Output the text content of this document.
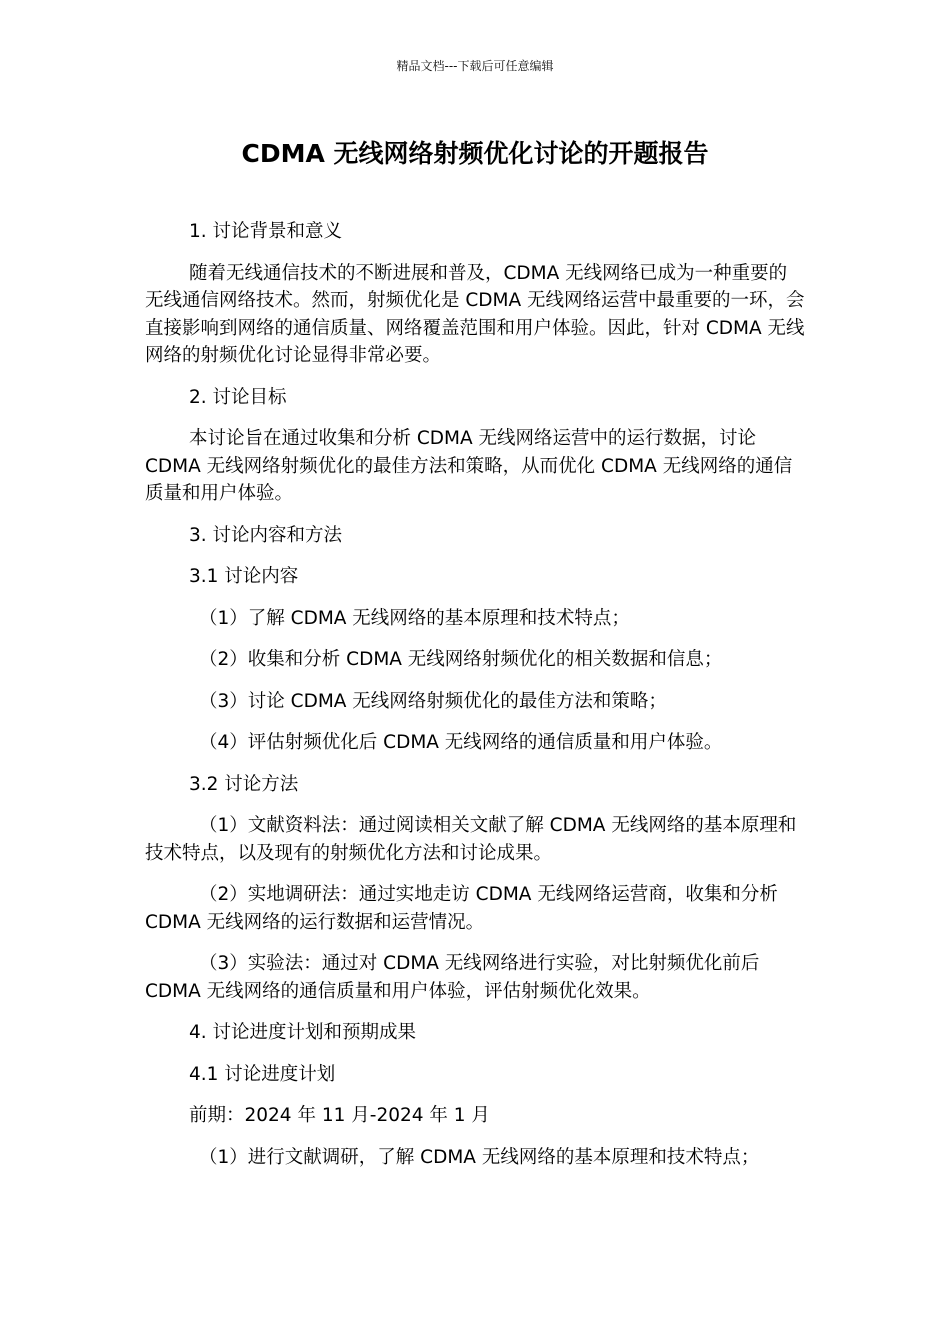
精品文档---下载后可任意编辑
CDMA 无线网络射频优化讨论的开题报告

1. 讨论背景和意义

随着无线通信技术的不断进展和普及，CDMA 无线网络已成为一种重要的无线通信网络技术。然而，射频优化是 CDMA 无线网络运营中最重要的一环，会直接影响到网络的通信质量、网络覆盖范围和用户体验。因此，针对 CDMA 无线网络的射频优化讨论显得非常必要。

2. 讨论目标

本讨论旨在通过收集和分析 CDMA 无线网络运营中的运行数据，讨论 CDMA 无线网络射频优化的最佳方法和策略，从而优化 CDMA 无线网络的通信质量和用户体验。

3. 讨论内容和方法

3.1 讨论内容

（1）了解 CDMA 无线网络的基本原理和技术特点；

（2）收集和分析 CDMA 无线网络射频优化的相关数据和信息；

（3）讨论 CDMA 无线网络射频优化的最佳方法和策略；

（4）评估射频优化后 CDMA 无线网络的通信质量和用户体验。

3.2 讨论方法

（1）文献资料法：通过阅读相关文献了解 CDMA 无线网络的基本原理和技术特点，以及现有的射频优化方法和讨论成果。

（2）实地调研法：通过实地走访 CDMA 无线网络运营商，收集和分析 CDMA 无线网络的运行数据和运营情况。

（3）实验法：通过对 CDMA 无线网络进行实验，对比射频优化前后 CDMA 无线网络的通信质量和用户体验，评估射频优化效果。

4. 讨论进度计划和预期成果

4.1 讨论进度计划

前期：2024 年 11 月-2024 年 1 月

（1）进行文献调研，了解 CDMA 无线网络的基本原理和技术特点；
